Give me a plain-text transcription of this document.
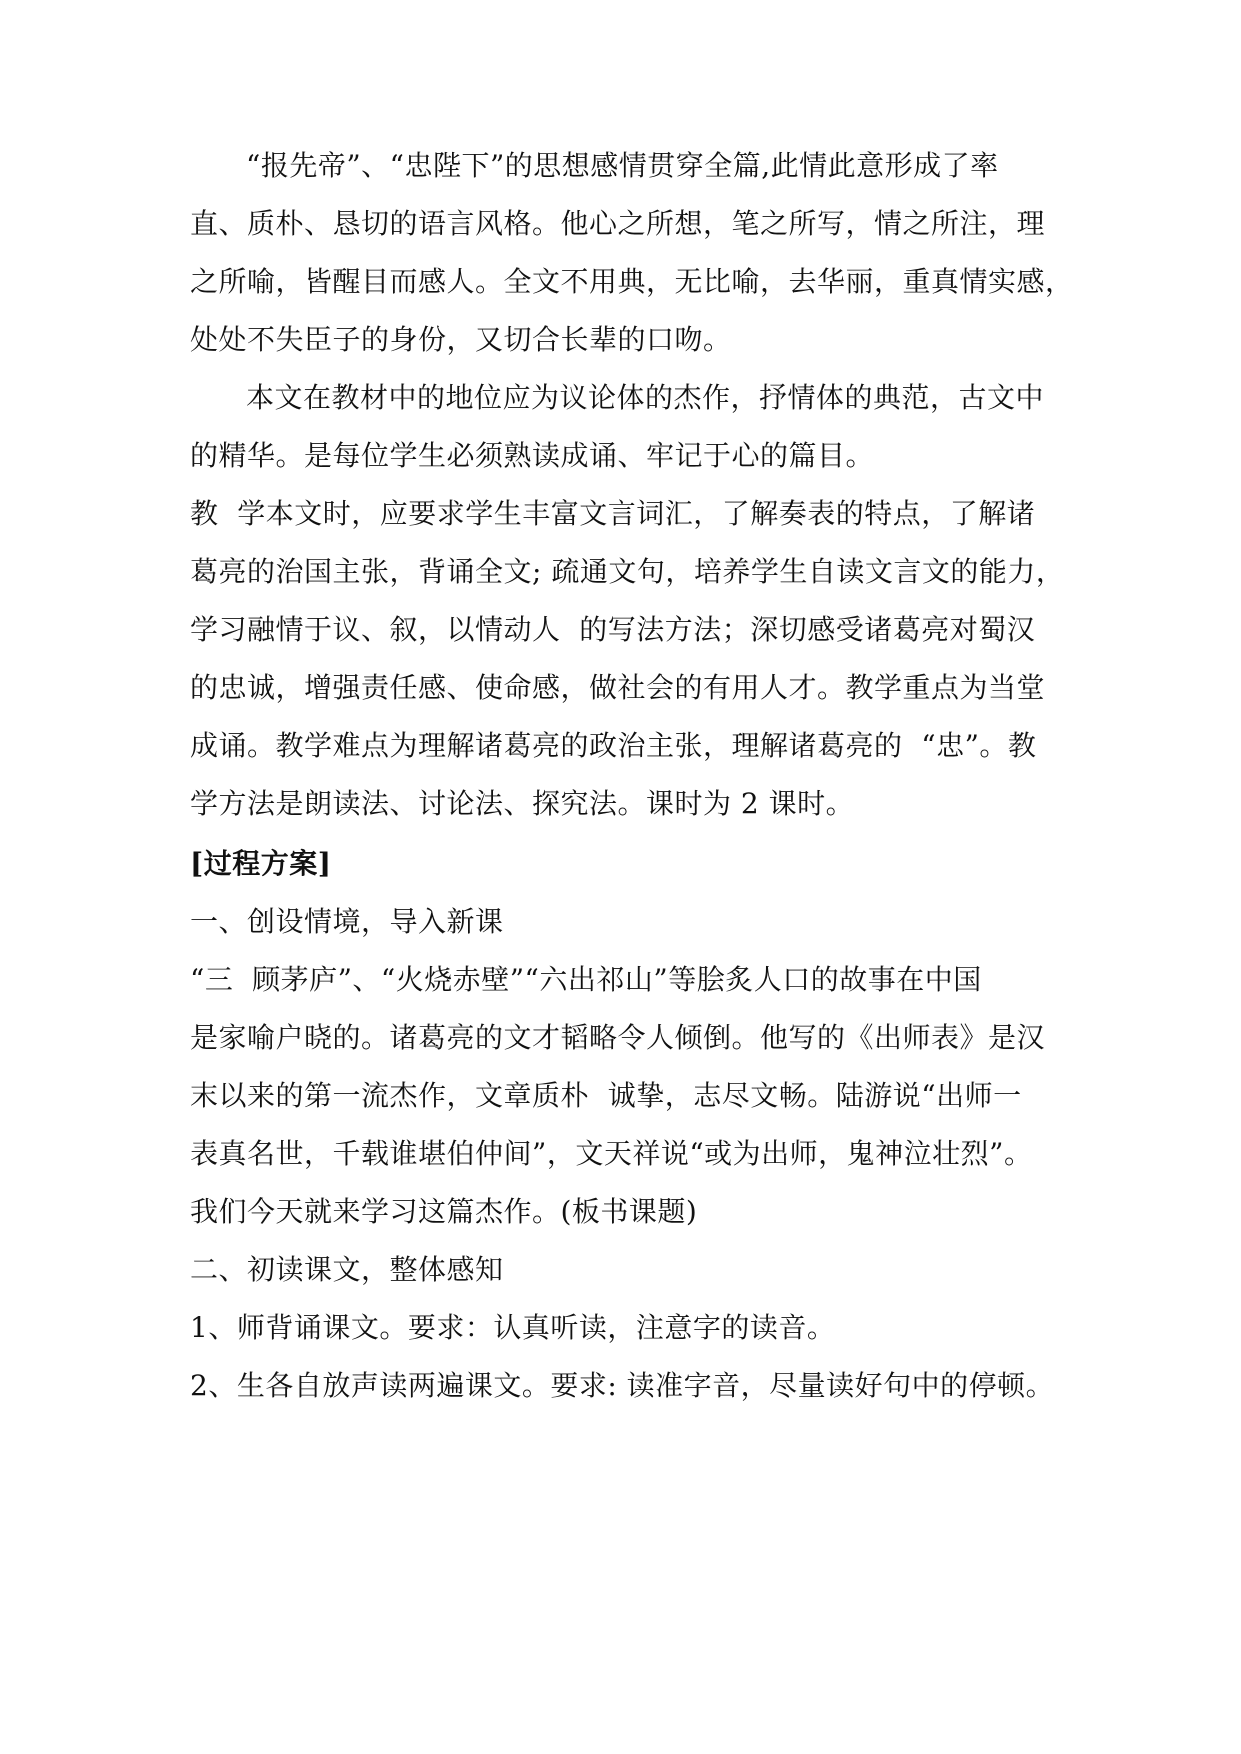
“报先帝”、“忠陛下”的思想感情贯穿全篇,此情此意形成了率
直、质朴、恳切的语言风格。他心之所想，笔之所写，情之所注，理
之所喻，皆醒目而感人。全文不用典，无比喻，去华丽，重真情实感，
处处不失臣子的身份，又切合长辈的口吻。
本文在教材中的地位应为议论体的杰作，抒情体的典范，古文中
的精华。是每位学生必须熟读成诵、牢记于心的篇目。
教  学本文时，应要求学生丰富文言词汇，了解奏表的特点，了解诸
葛亮的治国主张，背诵全文; 疏通文句，培养学生自读文言文的能力，
学习融情于议、叙，以情动人  的写法方法；深切感受诸葛亮对蜀汉
的忠诚，增强责任感、使命感，做社会的有用人才。教学重点为当堂
成诵。教学难点为理解诸葛亮的政治主张，理解诸葛亮的  “忠”。教
学方法是朗读法、讨论法、探究法。课时为 2 课时。
[过程方案]
一、创设情境，导入新课
“三  顾茅庐”、“火烧赤壁”“六出祁山”等脍炙人口的故事在中国
是家喻户晓的。诸葛亮的文才韬略令人倾倒。他写的《出师表》是汉
末以来的第一流杰作，文章质朴  诚挚，志尽文畅。陆游说“出师一
表真名世，千载谁堪伯仲间”，文天祥说“或为出师，鬼神泣壮烈”。
我们今天就来学习这篇杰作。(板书课题)
二、初读课文，整体感知
1、师背诵课文。要求：认真听读，注意字的读音。
2、生各自放声读两遍课文。要求: 读准字音，尽量读好句中的停顿。
